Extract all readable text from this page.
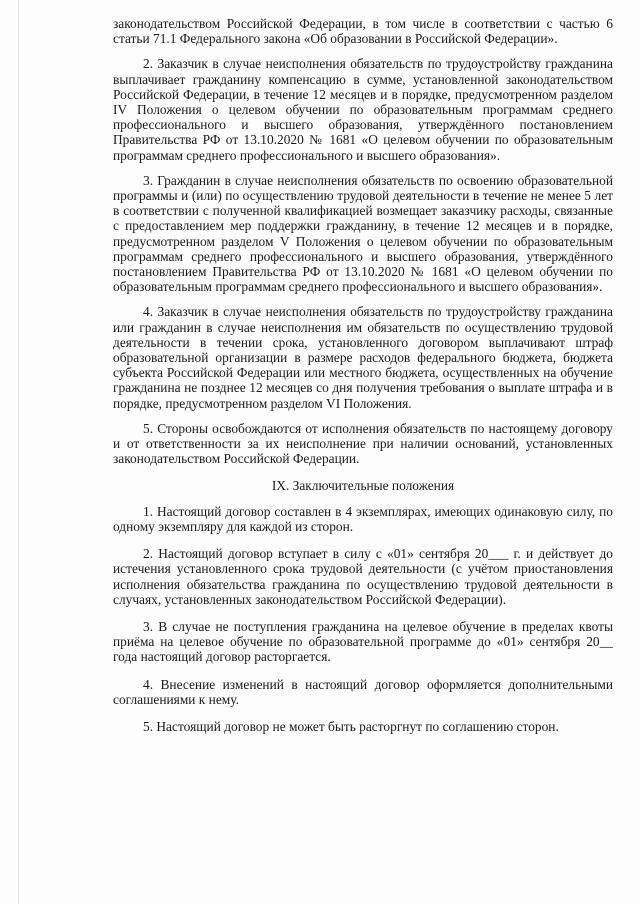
законодательством Российской Федерации, в том числе в соответствии с частью 6 статьи 71.1 Федерального закона «Об образовании в Российской Федерации».

2. Заказчик в случае неисполнения обязательств по трудоустройству гражданина выплачивает гражданину компенсацию в сумме, установленной законодательством Российской Федерации, в течение 12 месяцев и в порядке, предусмотренном разделом IV Положения о целевом обучении по образовательным программам среднего профессионального и высшего образования, утверждённого постановлением Правительства РФ от 13.10.2020 № 1681 «О целевом обучении по образовательным программам среднего профессионального и высшего образования».

3. Гражданин в случае неисполнения обязательств по освоению образовательной программы и (или) по осуществлению трудовой деятельности в течение не менее 5 лет в соответствии с полученной квалификацией возмещает заказчику расходы, связанные с предоставлением мер поддержки гражданину, в течение 12 месяцев и в порядке, предусмотренном разделом V Положения о целевом обучении по образовательным программам среднего профессионального и высшего образования, утверждённого постановлением Правительства РФ от 13.10.2020 № 1681 «О целевом обучении по образовательным программам среднего профессионального и высшего образования».

4. Заказчик в случае неисполнения обязательств по трудоустройству гражданина или гражданин в случае неисполнения им обязательств по осуществлению трудовой деятельности в течении срока, установленного договором выплачивают штраф образовательной организации в размере расходов федерального бюджета, бюджета субъекта Российской Федерации или местного бюджета, осуществленных на обучение гражданина не позднее 12 месяцев со дня получения требования о выплате штрафа и в порядке, предусмотренном разделом VI Положения.

5. Стороны освобождаются от исполнения обязательств по настоящему договору и от ответственности за их неисполнение при наличии оснований, установленных законодательством Российской Федерации.

IX. Заключительные положения

1. Настоящий договор составлен в 4 экземплярах, имеющих одинаковую силу, по одному экземпляру для каждой из сторон.

2. Настоящий договор вступает в силу с «01» сентября 20___ г. и действует до истечения установленного срока трудовой деятельности (с учётом приостановления исполнения обязательства гражданина по осуществлению трудовой деятельности в случаях, установленных законодательством Российской Федерации).

3. В случае не поступления гражданина на целевое обучение в пределах квоты приёма на целевое обучение по образовательной программе до «01» сентября 20__ года настоящий договор расторгается.

4. Внесение изменений в настоящий договор оформляется дополнительными соглашениями к нему.

5. Настоящий договор не может быть расторгнут по соглашению сторон.
